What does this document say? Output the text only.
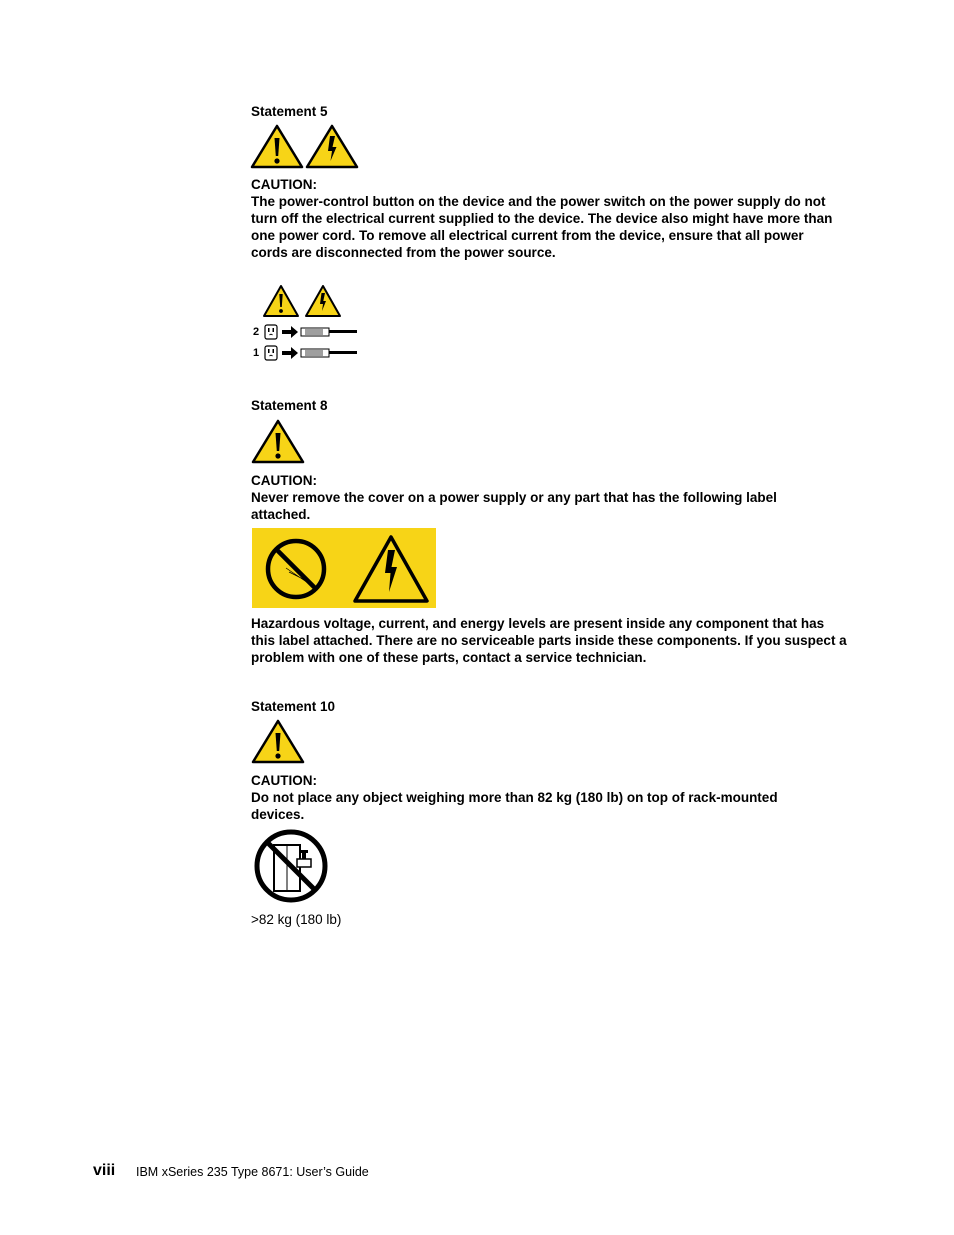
Statement 5
CAUTION:
The power-control button on the device and the power switch on the power supply do not turn off the electrical current supplied to the device. The device also might have more than one power cord. To remove all electrical current from the device, ensure that all power cords are disconnected from the power source.
2
1
Statement 8
CAUTION:
Never remove the cover on a power supply or any part that has the following label attached.
Hazardous voltage, current, and energy levels are present inside any component that has this label attached. There are no serviceable parts inside these components. If you suspect a problem with one of these parts, contact a service technician.
Statement 10
CAUTION:
Do not place any object weighing more than 82 kg (180 lb) on top of rack-mounted devices.
>82 kg (180 lb)
viii IBM xSeries 235 Type 8671: User’s Guide
